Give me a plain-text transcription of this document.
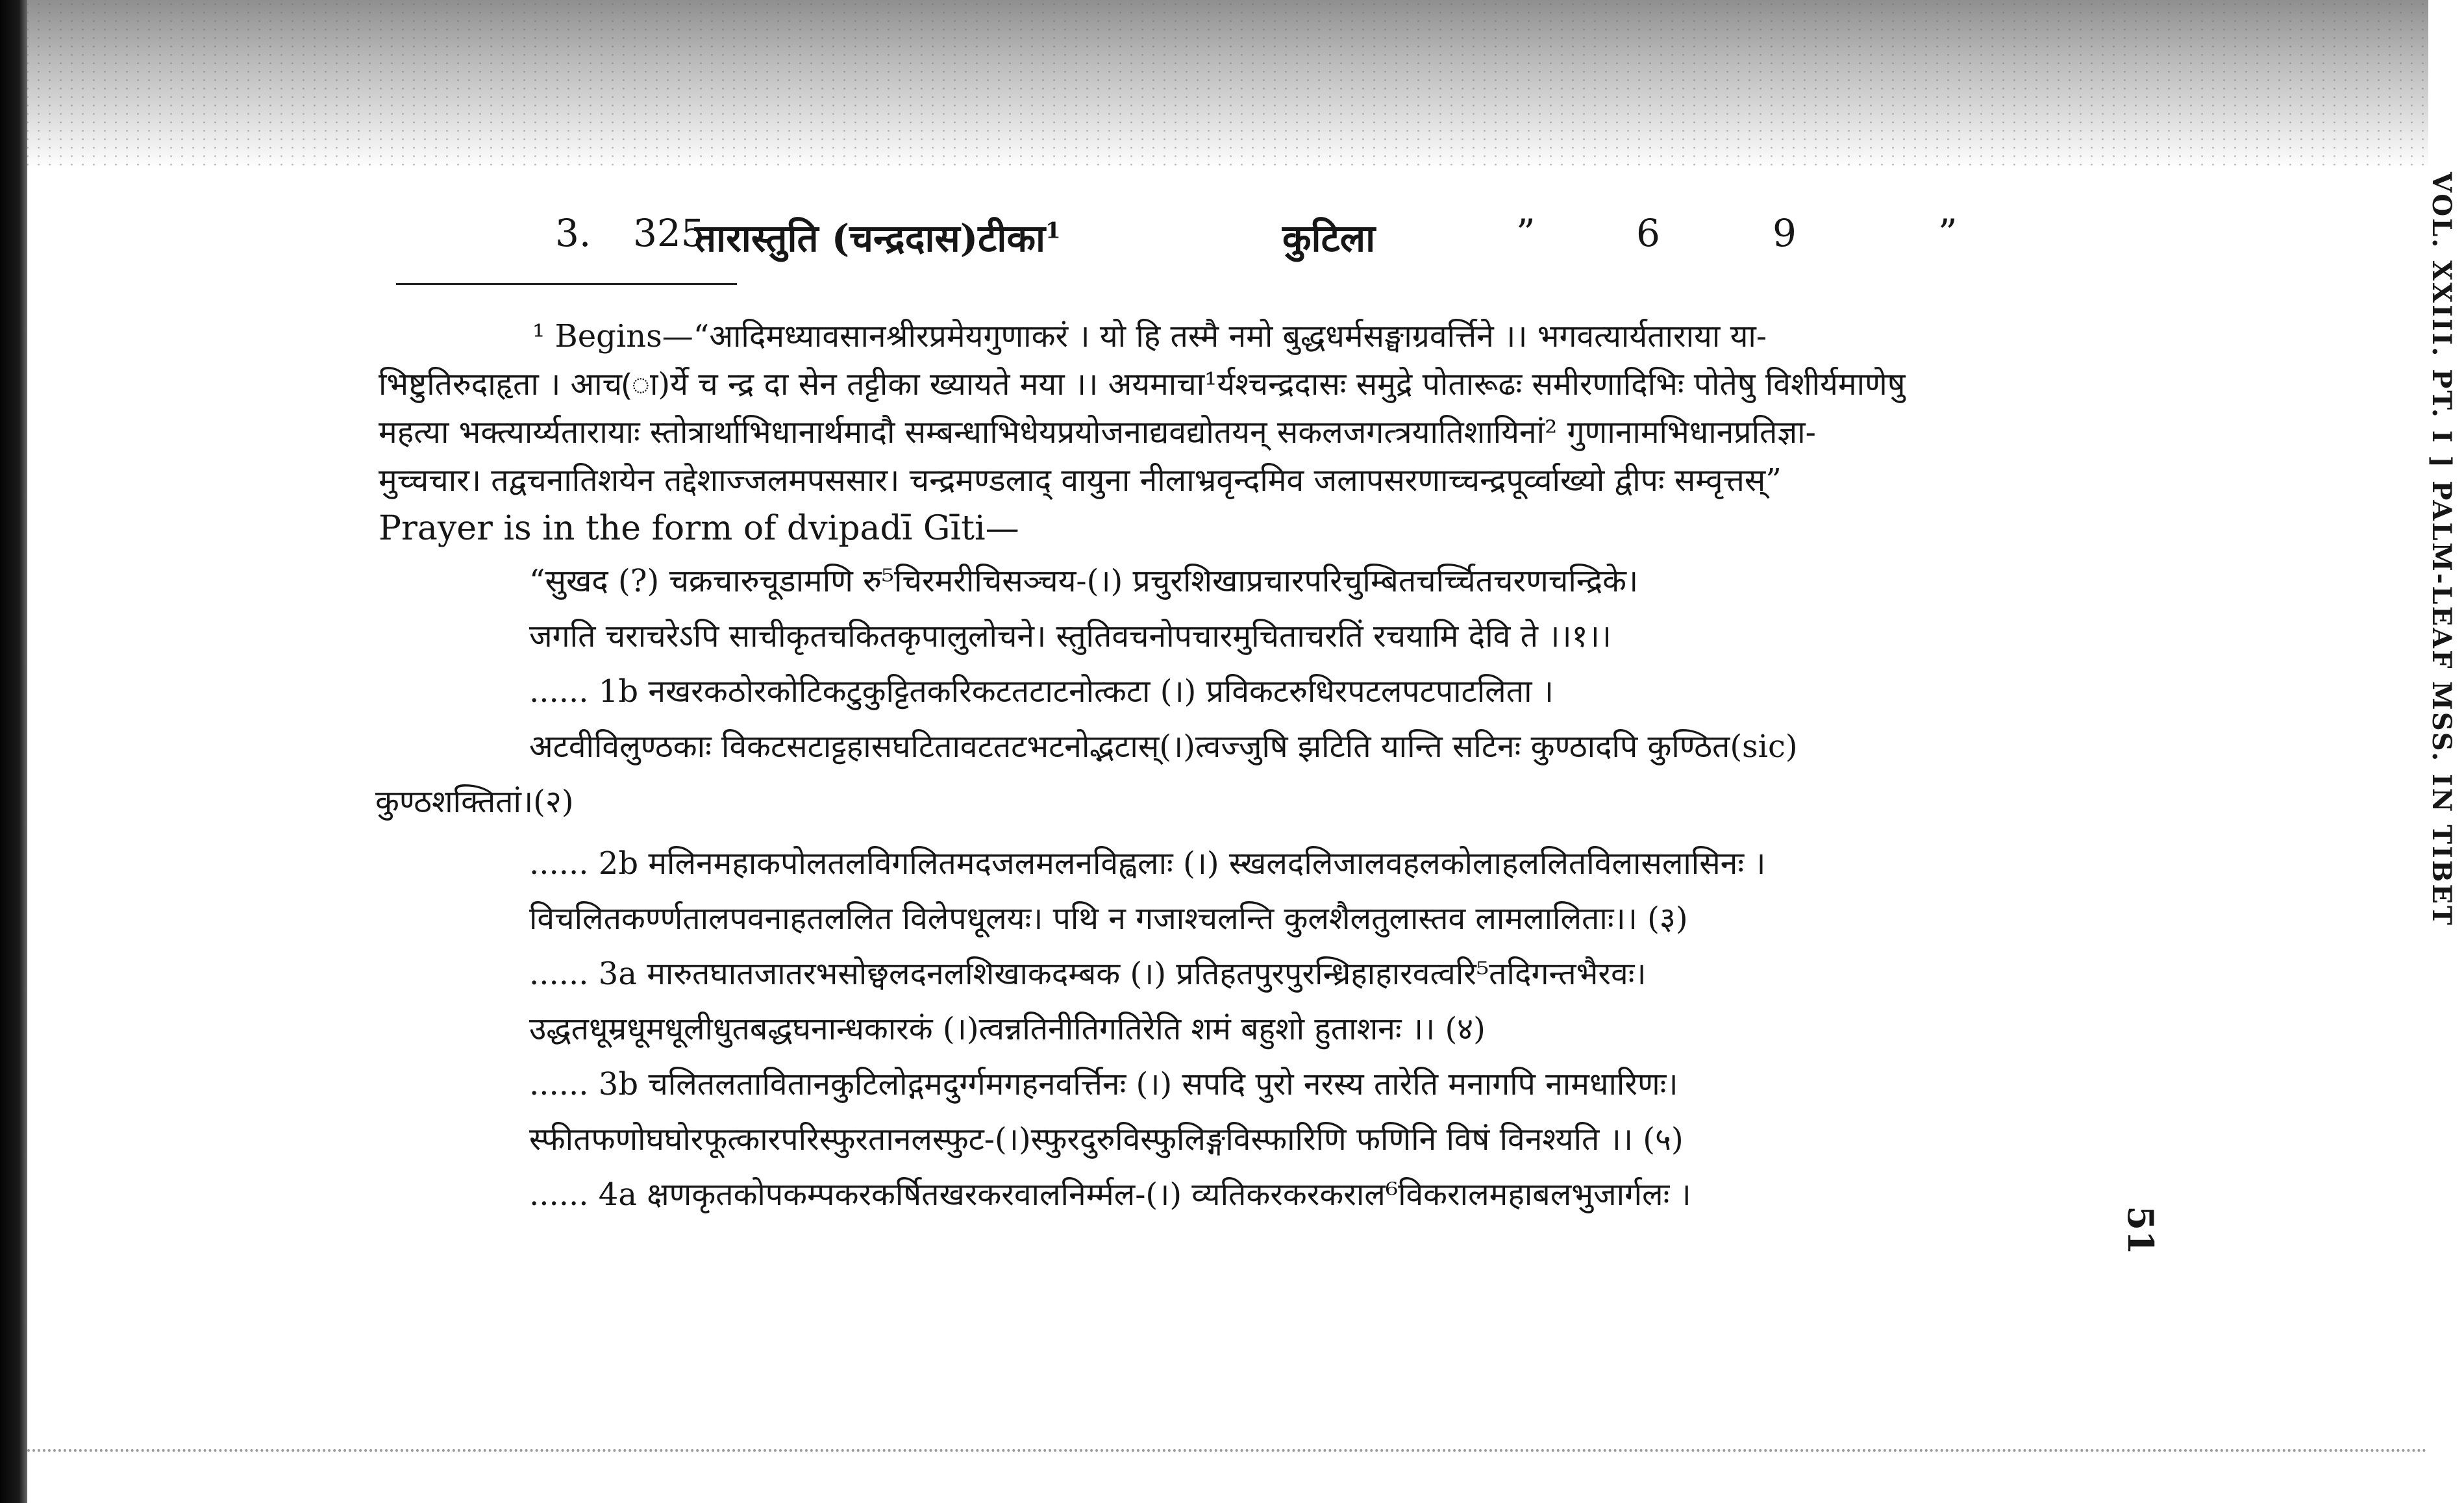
3. 325.
तारास्तुति (चन्द्रदास)टीका$^1$	कुटिला	”	6	9	”

¹ Begins—“आदिमध्यावसानश्रीरप्रमेयगुणाकरं । यो हि तस्मै नमो बुद्धधर्मसङ्घाग्रवर्त्तिने ।। भगवत्यार्यताराया या-

भिष्टुतिरुदाहृता । आच(ा)र्ये च न्द्र दा सेन तट्टीका ख्यायते मया ।। अयमाचा¹र्यश्चन्द्रदासः समुद्रे पोतारूढः समीरणादिभिः पोतेषु विशीर्यमाणेषु

महत्या भक्त्यार्य्यतारायाः स्तोत्रार्थाभिधानार्थमादौ सम्बन्धाभिधेयप्रयोजनाद्यवद्योतयन् सकलजगत्त्रयातिशायिनां² गुणानामभिधानप्रतिज्ञा-

मुच्चचार। तद्वचनातिशयेन तद्देशाज्जलमपससार। चन्द्रमण्डलाद् वायुना नीलाभ्रवृन्दमिव जलापसरणाच्चन्द्रपूर्व्वाख्यो द्वीपः सम्वृत्तस्”

Prayer is in the form of dvipadī Gīti—

“सुखद (?) चक्रचारुचूडामणि रु⁵चिरमरीचिसञ्चय-(।) प्रचुरशिखाप्रचारपरिचुम्बितचर्च्चितचरणचन्द्रिके।

जगति चराचरेऽपि साचीकृतचकितकृपालुलोचने। स्तुतिवचनोपचारमुचिताचरतिं रचयामि देवि ते ।।१।।

...... 1b नखरकठोरकोटिकटुकुट्टितकरिकटतटाटनोत्कटा (।) प्रविकटरुधिरपटलपटपाटलिता ।

अटवीविलुण्ठकाः विकटसटाट्टहासघटितावटतटभटनोद्भटास्(।)त्वज्जुषि झटिति यान्ति सटिनः कुण्ठादपि कुण्ठित(sic)

कुण्ठशक्तितां।(२)

...... 2b मलिनमहाकपोलतलविगलितमदजलमलनविह्वलाः (।) स्खलदलिजालवहलकोलाहललितविलासलासिनः ।

विचलितकर्ण्णतालपवनाहतललित विलेपधूलयः। पथि न गजाश्चलन्ति कुलशैलतुलास्तव लामलालिताः।। (३)

...... 3a मारुतघातजातरभसोछ्वलदनलशिखाकदम्बक (।) प्रतिहतपुरपुरन्ध्रिहाहारवत्वरि⁵तदिगन्तभैरवः।

उद्धतधूम्रधूमधूलीधुतबद्धघनान्धकारकं (।)त्वन्नतिनीतिगतिरेति शमं बहुशो हुताशनः ।। (४)

...... 3b चलितलतावितानकुटिलोद्गमदुर्ग्गमगहनवर्त्तिनः (।) सपदि पुरो नरस्य तारेति मनागपि नामधारिणः।

स्फीतफणोघघोरफूत्कारपरिस्फुरतानलस्फुट-(।)स्फुरदुरुविस्फुलिङ्गविस्फारिणि फणिनि विषं विनश्यति ।। (५)

...... 4a क्षणकृतकोपकम्पकरकर्षितखरकरवालनिर्म्मल-(।) व्यतिकरकरकराल⁶विकरालमहाबलभुजार्गलः ।

VOL. XXIII. PT. I ] PALM-LEAF MSS. IN TIBET
51
